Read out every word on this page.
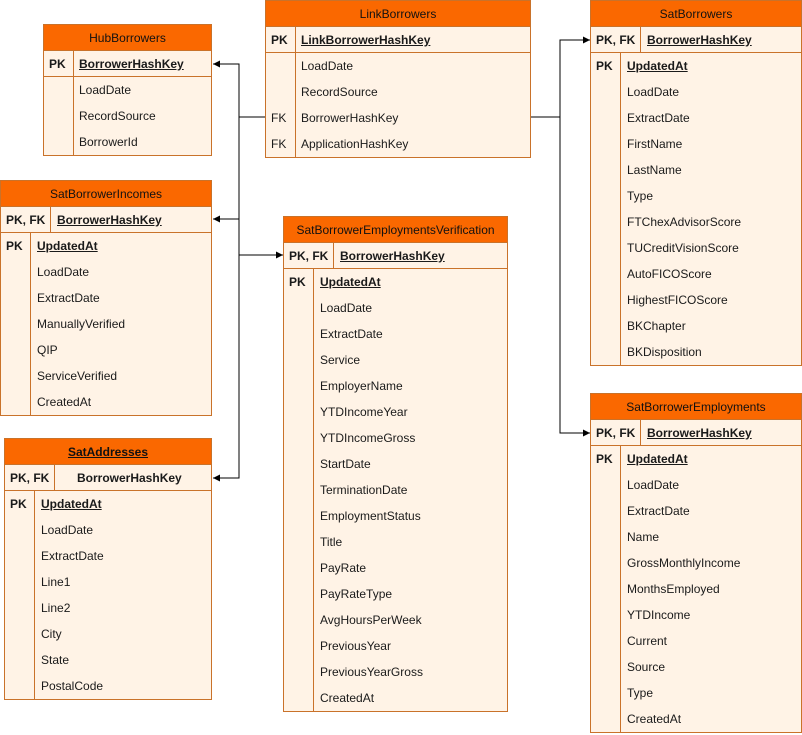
HubBorrowers
PK	BorrowerHashKey
LoadDate
RecordSource
BorrowerId
LinkBorrowers
PK	LinkBorrowerHashKey
LoadDate
RecordSource
FK	BorrowerHashKey
FK	ApplicationHashKey
SatBorrowers
PK, FK BorrowerHashKey
PK	UpdatedAt
LoadDate
ExtractDate
FirstName
LastName
Type
FTChexAdvisorScore
TUCreditVisionScore
AutoFICOScore
HighestFICOScore
BKChapter
BKDisposition
SatBorrowerIncomes
PK, FK BorrowerHashKey
PK	UpdatedAt
LoadDate
ExtractDate
ManuallyVerified
QIP
ServiceVerified
CreatedAt
SatBorrowerEmploymentsVerification
PK, FK BorrowerHashKey
PK	UpdatedAt
LoadDate
ExtractDate
Service
EmployerName
YTDIncomeYear
YTDIncomeGross
StartDate
TerminationDate
EmploymentStatus
Title
PayRate
PayRateType
AvgHoursPerWeek
PreviousYear
PreviousYearGross
CreatedAt
SatAddresses
PK, FK	BorrowerHashKey
PK	UpdatedAt
LoadDate
ExtractDate
Line1
Line2
City
State
PostalCode
SatBorrowerEmployments
PK, FK BorrowerHashKey
PK	UpdatedAt
LoadDate
ExtractDate
Name
GrossMonthlyIncome
MonthsEmployed
YTDIncome
Current
Source
Type
CreatedAt
